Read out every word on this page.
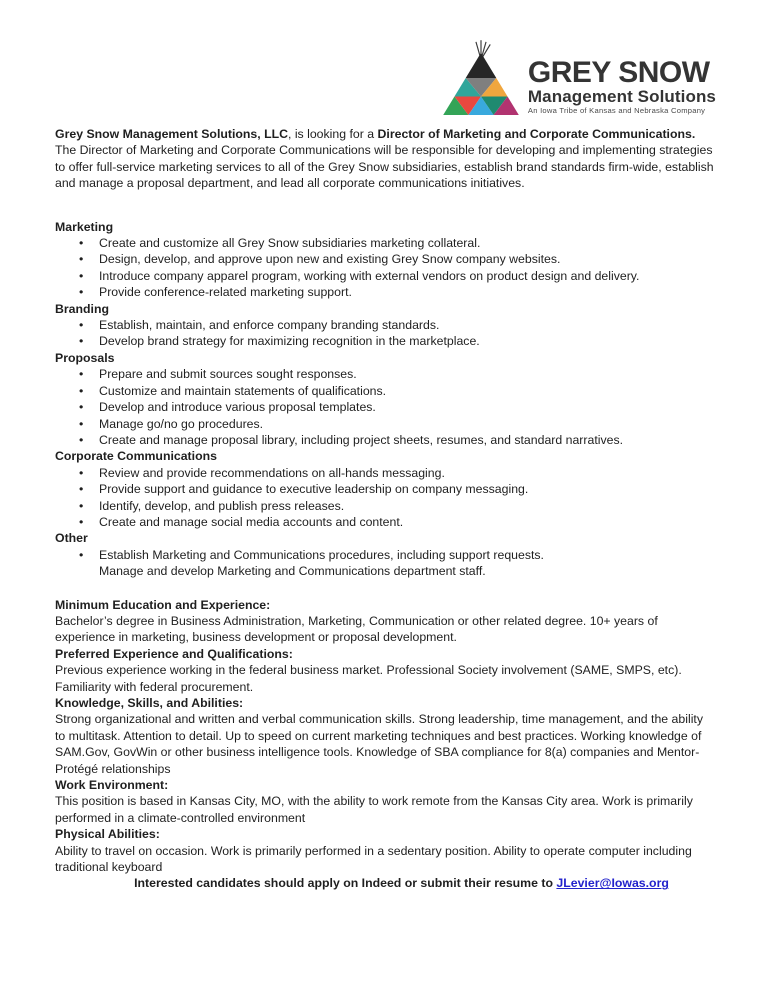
GREY SNOW
Management Solutions
An Iowa Tribe of Kansas and Nebraska Company

Grey Snow Management Solutions, LLC, is looking for a Director of Marketing and Corporate Communications. The Director of Marketing and Corporate Communications will be responsible for developing and implementing strategies to offer full-service marketing services to all of the Grey Snow subsidiaries, establish brand standards firm-wide, establish and manage a proposal department, and lead all corporate communications initiatives.

Marketing
• Create and customize all Grey Snow subsidiaries marketing collateral.
• Design, develop, and approve upon new and existing Grey Snow company websites.
• Introduce company apparel program, working with external vendors on product design and delivery.
• Provide conference-related marketing support.
Branding
• Establish, maintain, and enforce company branding standards.
• Develop brand strategy for maximizing recognition in the marketplace.
Proposals
• Prepare and submit sources sought responses.
• Customize and maintain statements of qualifications.
• Develop and introduce various proposal templates.
• Manage go/no go procedures.
• Create and manage proposal library, including project sheets, resumes, and standard narratives.
Corporate Communications
• Review and provide recommendations on all-hands messaging.
• Provide support and guidance to executive leadership on company messaging.
• Identify, develop, and publish press releases.
• Create and manage social media accounts and content.
Other
• Establish Marketing and Communications procedures, including support requests.
Manage and develop Marketing and Communications department staff.
Minimum Education and Experience:

Bachelor’s degree in Business Administration, Marketing, Communication or other related degree. 10+ years of experience in marketing, business development or proposal development.

Preferred Experience and Qualifications:

Previous experience working in the federal business market. Professional Society involvement (SAME, SMPS, etc). Familiarity with federal procurement.

Knowledge, Skills, and Abilities:

Strong organizational and written and verbal communication skills. Strong leadership, time management, and the ability to multitask. Attention to detail. Up to speed on current marketing techniques and best practices. Working knowledge of SAM.Gov, GovWin or other business intelligence tools. Knowledge of SBA compliance for 8(a) companies and Mentor-Protégé relationships

Work Environment:

This position is based in Kansas City, MO, with the ability to work remote from the Kansas City area. Work is primarily performed in a climate-controlled environment

Physical Abilities:

Ability to travel on occasion. Work is primarily performed in a sedentary position. Ability to operate computer including traditional keyboard

Interested candidates should apply on Indeed or submit their resume to JLevier@Iowas.org
